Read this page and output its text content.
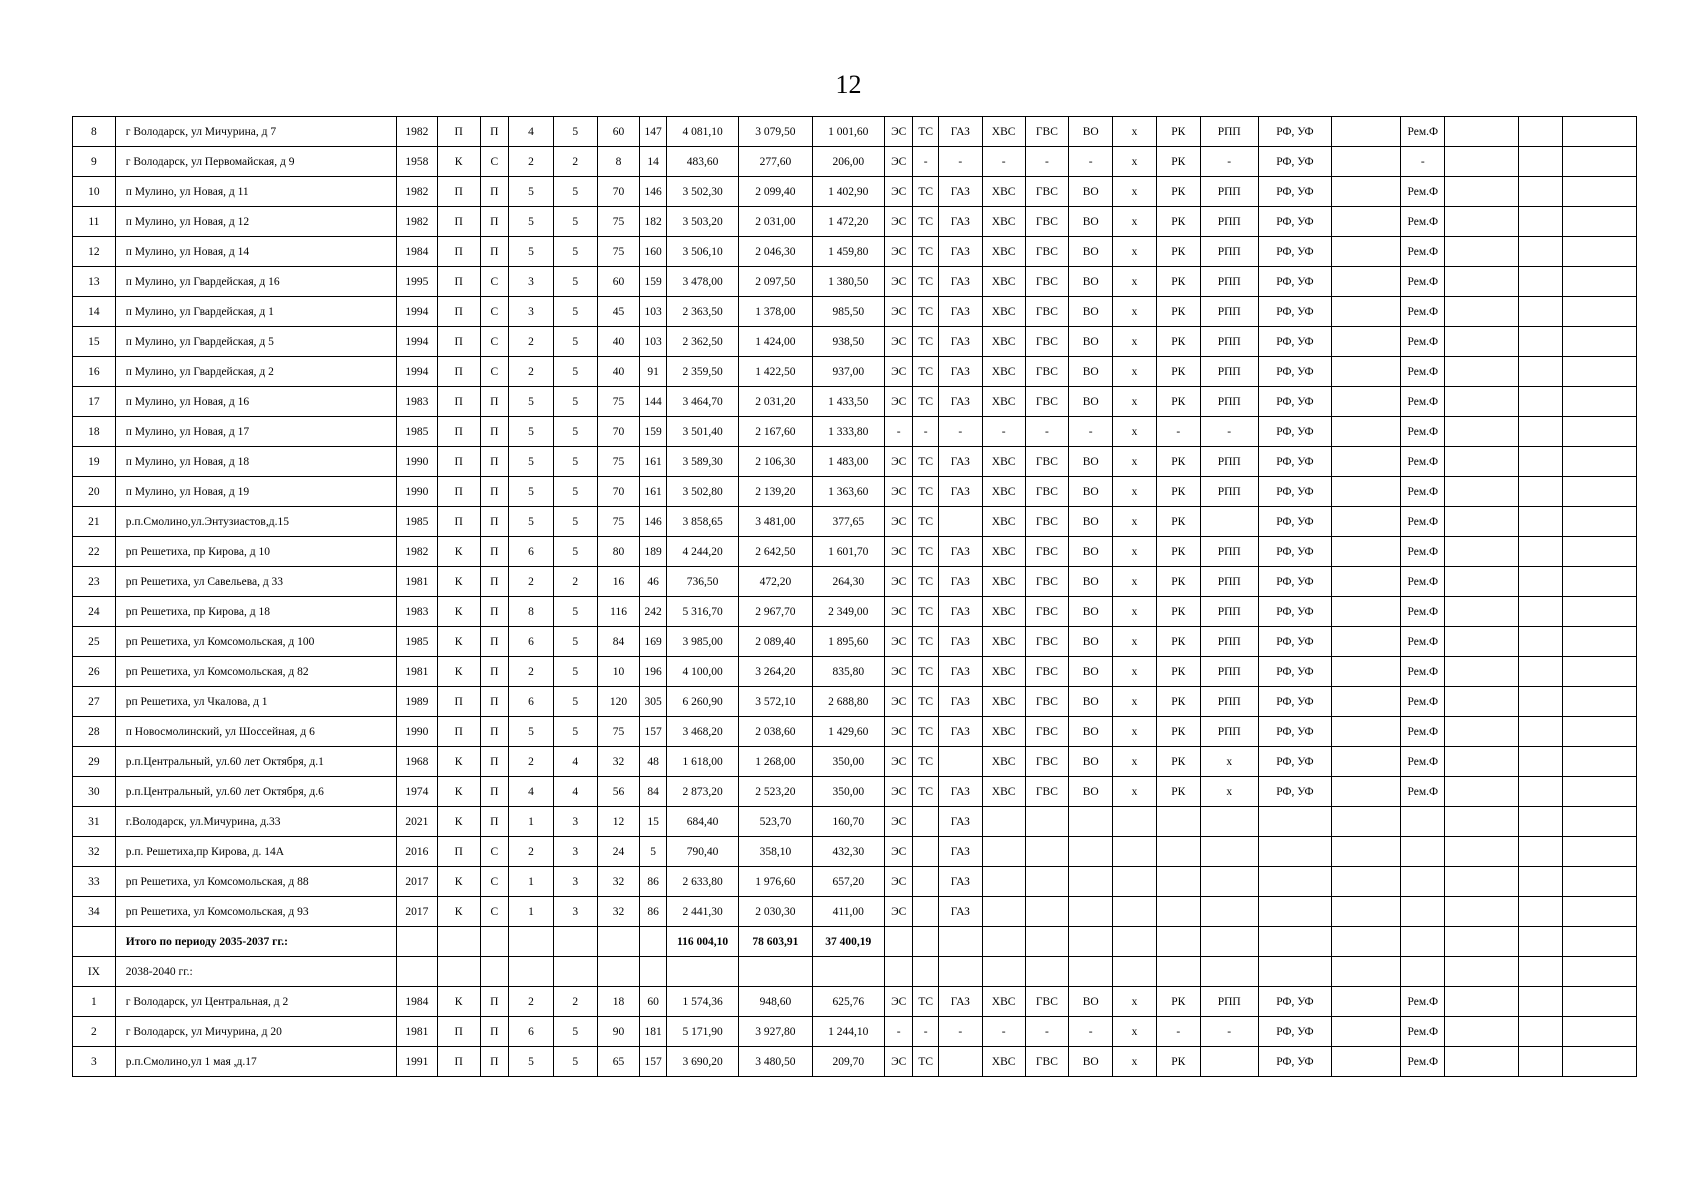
12
8	г Володарск, ул Мичурина, д 7	1982	П	П	4	5	60	147	4 081,10	3 079,50	1 001,60	ЭС	ТС	ГАЗ	ХВС	ГВС	ВО	х	РК	РПП	РФ, УФ		Рем.Ф			
9	г Володарск, ул Первомайская, д 9	1958	К	С	2	2	8	14	483,60	277,60	206,00	ЭС	-	-	-	-	-	х	РК	-	РФ, УФ		-			
10	п Мулино, ул Новая, д 11	1982	П	П	5	5	70	146	3 502,30	2 099,40	1 402,90	ЭС	ТС	ГАЗ	ХВС	ГВС	ВО	х	РК	РПП	РФ, УФ		Рем.Ф			
11	п Мулино, ул Новая, д 12	1982	П	П	5	5	75	182	3 503,20	2 031,00	1 472,20	ЭС	ТС	ГАЗ	ХВС	ГВС	ВО	х	РК	РПП	РФ, УФ		Рем.Ф			
12	п Мулино, ул Новая, д 14	1984	П	П	5	5	75	160	3 506,10	2 046,30	1 459,80	ЭС	ТС	ГАЗ	ХВС	ГВС	ВО	х	РК	РПП	РФ, УФ		Рем.Ф			
13	п Мулино, ул Гвардейская, д 16	1995	П	С	3	5	60	159	3 478,00	2 097,50	1 380,50	ЭС	ТС	ГАЗ	ХВС	ГВС	ВО	х	РК	РПП	РФ, УФ		Рем.Ф			
14	п Мулино, ул Гвардейская, д 1	1994	П	С	3	5	45	103	2 363,50	1 378,00	985,50	ЭС	ТС	ГАЗ	ХВС	ГВС	ВО	х	РК	РПП	РФ, УФ		Рем.Ф			
15	п Мулино, ул Гвардейская, д 5	1994	П	С	2	5	40	103	2 362,50	1 424,00	938,50	ЭС	ТС	ГАЗ	ХВС	ГВС	ВО	х	РК	РПП	РФ, УФ		Рем.Ф			
16	п Мулино, ул Гвардейская, д 2	1994	П	С	2	5	40	91	2 359,50	1 422,50	937,00	ЭС	ТС	ГАЗ	ХВС	ГВС	ВО	х	РК	РПП	РФ, УФ		Рем.Ф			
17	п Мулино, ул Новая, д 16	1983	П	П	5	5	75	144	3 464,70	2 031,20	1 433,50	ЭС	ТС	ГАЗ	ХВС	ГВС	ВО	х	РК	РПП	РФ, УФ		Рем.Ф			
18	п Мулино, ул Новая, д 17	1985	П	П	5	5	70	159	3 501,40	2 167,60	1 333,80	-	-	-	-	-	-	х	-	-	РФ, УФ		Рем.Ф			
19	п Мулино, ул Новая, д 18	1990	П	П	5	5	75	161	3 589,30	2 106,30	1 483,00	ЭС	ТС	ГАЗ	ХВС	ГВС	ВО	х	РК	РПП	РФ, УФ		Рем.Ф			
20	п Мулино, ул Новая, д 19	1990	П	П	5	5	70	161	3 502,80	2 139,20	1 363,60	ЭС	ТС	ГАЗ	ХВС	ГВС	ВО	х	РК	РПП	РФ, УФ		Рем.Ф			
21	р.п.Смолино,ул.Энтузиастов,д.15	1985	П	П	5	5	75	146	3 858,65	3 481,00	377,65	ЭС	ТС		ХВС	ГВС	ВО	х	РК		РФ, УФ		Рем.Ф			
22	рп Решетиха, пр Кирова, д 10	1982	К	П	6	5	80	189	4 244,20	2 642,50	1 601,70	ЭС	ТС	ГАЗ	ХВС	ГВС	ВО	х	РК	РПП	РФ, УФ		Рем.Ф			
23	рп Решетиха, ул Савельева, д 33	1981	К	П	2	2	16	46	736,50	472,20	264,30	ЭС	ТС	ГАЗ	ХВС	ГВС	ВО	х	РК	РПП	РФ, УФ		Рем.Ф			
24	рп Решетиха, пр Кирова, д 18	1983	К	П	8	5	116	242	5 316,70	2 967,70	2 349,00	ЭС	ТС	ГАЗ	ХВС	ГВС	ВО	х	РК	РПП	РФ, УФ		Рем.Ф			
25	рп Решетиха, ул Комсомольская, д 100	1985	К	П	6	5	84	169	3 985,00	2 089,40	1 895,60	ЭС	ТС	ГАЗ	ХВС	ГВС	ВО	х	РК	РПП	РФ, УФ		Рем.Ф			
26	рп Решетиха, ул Комсомольская, д 82	1981	К	П	2	5	10	196	4 100,00	3 264,20	835,80	ЭС	ТС	ГАЗ	ХВС	ГВС	ВО	х	РК	РПП	РФ, УФ		Рем.Ф			
27	рп Решетиха, ул Чкалова, д 1	1989	П	П	6	5	120	305	6 260,90	3 572,10	2 688,80	ЭС	ТС	ГАЗ	ХВС	ГВС	ВО	х	РК	РПП	РФ, УФ		Рем.Ф			
28	п Новосмолинский, ул Шоссейная, д 6	1990	П	П	5	5	75	157	3 468,20	2 038,60	1 429,60	ЭС	ТС	ГАЗ	ХВС	ГВС	ВО	х	РК	РПП	РФ, УФ		Рем.Ф			
29	р.п.Центральный, ул.60 лет Октября, д.1	1968	К	П	2	4	32	48	1 618,00	1 268,00	350,00	ЭС	ТС		ХВС	ГВС	ВО	х	РК	х	РФ, УФ		Рем.Ф			
30	р.п.Центральный, ул.60 лет Октября, д.6	1974	К	П	4	4	56	84	2 873,20	2 523,20	350,00	ЭС	ТС	ГАЗ	ХВС	ГВС	ВО	х	РК	х	РФ, УФ		Рем.Ф			
31	г.Володарск, ул.Мичурина, д.33	2021	К	П	1	3	12	15	684,40	523,70	160,70	ЭС		ГАЗ												
32	р.п. Решетиха,пр Кирова, д. 14А	2016	П	С	2	3	24	5	790,40	358,10	432,30	ЭС		ГАЗ												
33	рп Решетиха, ул Комсомольская, д 88	2017	К	С	1	3	32	86	2 633,80	1 976,60	657,20	ЭС		ГАЗ												
34	рп Решетиха, ул Комсомольская, д 93	2017	К	С	1	3	32	86	2 441,30	2 030,30	411,00	ЭС		ГАЗ												
	Итого по периоду 2035-2037 гг.:								116 004,10	78 603,91	37 400,19															
IX	2038-2040 гг.:																									
1	г Володарск, ул Центральная, д 2	1984	К	П	2	2	18	60	1 574,36	948,60	625,76	ЭС	ТС	ГАЗ	ХВС	ГВС	ВО	х	РК	РПП	РФ, УФ		Рем.Ф			
2	г Володарск, ул Мичурина, д 20	1981	П	П	6	5	90	181	5 171,90	3 927,80	1 244,10	-	-	-	-	-	-	х	-	-	РФ, УФ		Рем.Ф			
3	р.п.Смолино,ул 1 мая ,д.17	1991	П	П	5	5	65	157	3 690,20	3 480,50	209,70	ЭС	ТС		ХВС	ГВС	ВО	х	РК		РФ, УФ		Рем.Ф			
